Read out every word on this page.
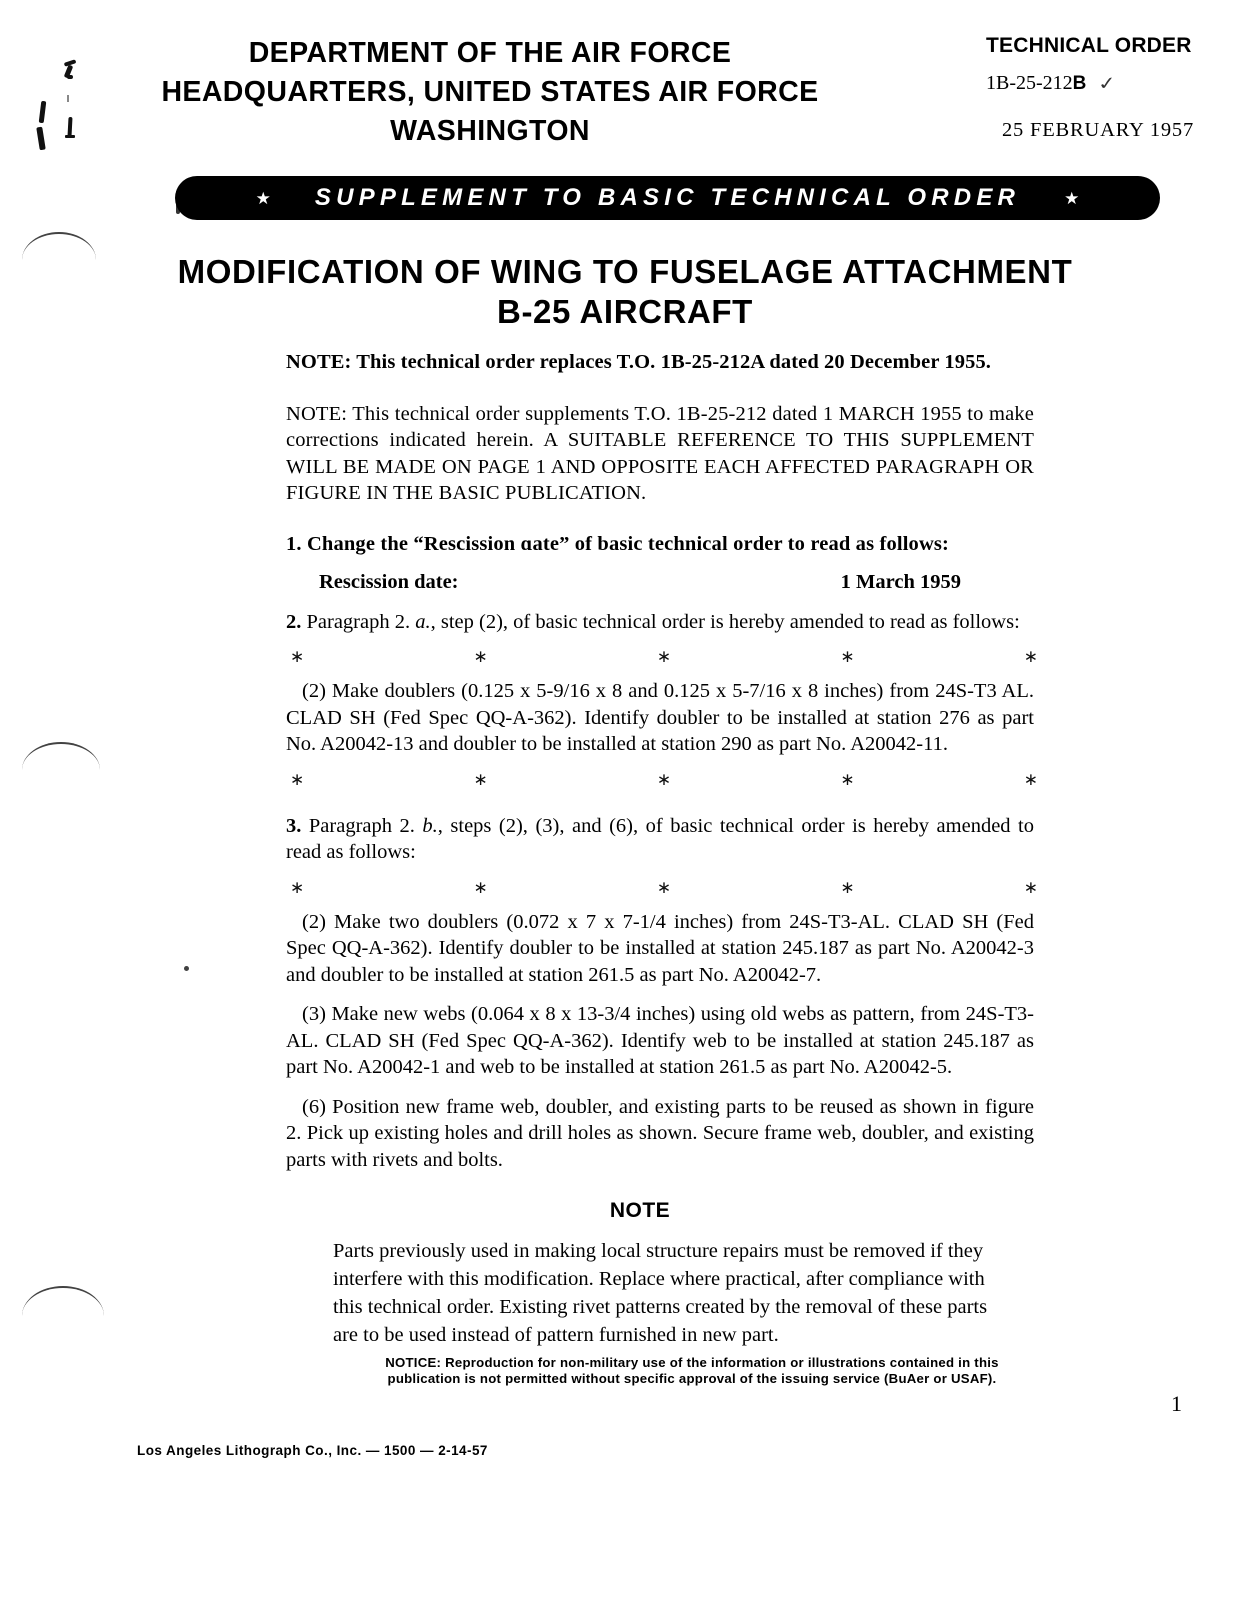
DEPARTMENT OF THE AIR FORCE
HEADQUARTERS, UNITED STATES AIR FORCE
WASHINGTON
TECHNICAL ORDER
1B-25-212B ✓
25 FEBRUARY 1957
★ SUPPLEMENT TO BASIC TECHNICAL ORDER	★
MODIFICATION OF WING TO FUSELAGE ATTACHMENT
B-25 AIRCRAFT
NOTE: This technical order replaces T.O. 1B-25-212A dated 20 December 1955.
NOTE: This technical order supplements T.O. 1B-25-212 dated 1 MARCH 1955 to make corrections indicated herein. A SUITABLE REFERENCE TO THIS SUPPLEMENT WILL BE MADE ON PAGE 1 AND OPPOSITE EACH AFFECTED PARAGRAPH OR FIGURE IN THE BASIC PUBLICATION.
1. Change the “Rescission ɑate” of basic technical order to read as follows:
Rescission date:	1 March 1959
2. Paragraph 2. a., step (2), of basic technical order is hereby amended to read as follows:
∗	∗	∗	∗	∗
(2) Make doublers (0.125 x 5-9/16 x 8 and 0.125 x 5-7/16 x 8 inches) from 24S-T3 AL. CLAD SH (Fed Spec QQ-A-362). Identify doubler to be installed at station 276 as part No. A20042-13 and doubler to be installed at station 290 as part No. A20042-11.
∗	∗	∗	∗	∗
3. Paragraph 2. b., steps (2), (3), and (6), of basic technical order is hereby amended to read as follows:
∗	∗	∗	∗	∗
(2) Make two doublers (0.072 x 7 x 7-1/4 inches) from 24S-T3-AL. CLAD SH (Fed Spec QQ-A-362). Identify doubler to be installed at station 245.187 as part No. A20042-3 and doubler to be installed at station 261.5 as part No. A20042-7.
(3) Make new webs (0.064 x 8 x 13-3/4 inches) using old webs as pattern, from 24S-T3-AL. CLAD SH (Fed Spec QQ-A-362). Identify web to be installed at station 245.187 as part No. A20042-1 and web to be installed at station 261.5 as part No. A20042-5.
(6) Position new frame web, doubler, and existing parts to be reused as shown in figure 2. Pick up existing holes and drill holes as shown. Secure frame web, doubler, and existing parts with rivets and bolts.
NOTE
Parts previously used in making local structure repairs must be removed if they interfere with this modification. Replace where practical, after compliance with this technical order. Existing rivet patterns created by the removal of these parts are to be used instead of pattern furnished in new part.
NOTICE: Reproduction for non-military use of the information or illustrations contained in this
publication is not permitted without specific approval of the issuing service (BuAer or USAF).
1
Los Angeles Lithograph Co., Inc. — 1500 — 2-14-57
